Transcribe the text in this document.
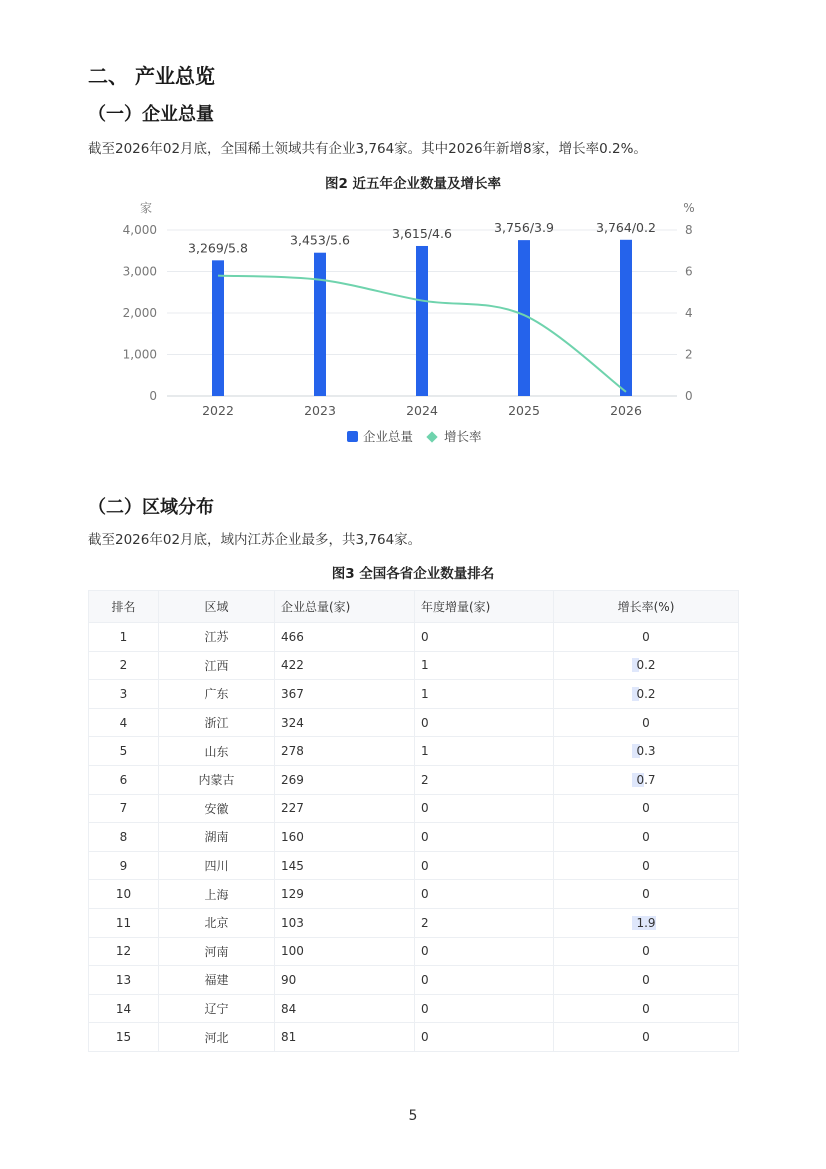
二、 产业总览
（一）企业总量
截至2026年02月底，全国稀土领域共有企业3,764家。其中2026年新增8家，增长率0.2%。
图2 近五年企业数量及增长率
0
1,000
2,000
3,000
4,000
0
2
4
6
8
家	%
3,269/5.8
3,453/5.6	3,615/4.6	3,756/3.9	3,764/0.2
2022	2023	2024	2025	2026
企业总量 增长率
（二）区域分布
截至2026年02月底，域内江苏企业最多，共3,764家。
图3 全国各省企业数量排名
排名	区域	企业总量(家)	年度增量(家)	增长率(%)
1	江苏	466	0	0
2	江西	422	1	0.2
3	广东	367	1	0.2
4	浙江	324	0	0
5	山东	278	1	0.3
6	内蒙古	269	2	0.7
7	安徽	227	0	0
8	湖南	160	0	0
9	四川	145	0	0
10	上海	129	0	0
11	北京	103	2	1.9
12	河南	100	0	0
13	福建	90	0	0
14	辽宁	84	0	0
15	河北	81	0	0
5
